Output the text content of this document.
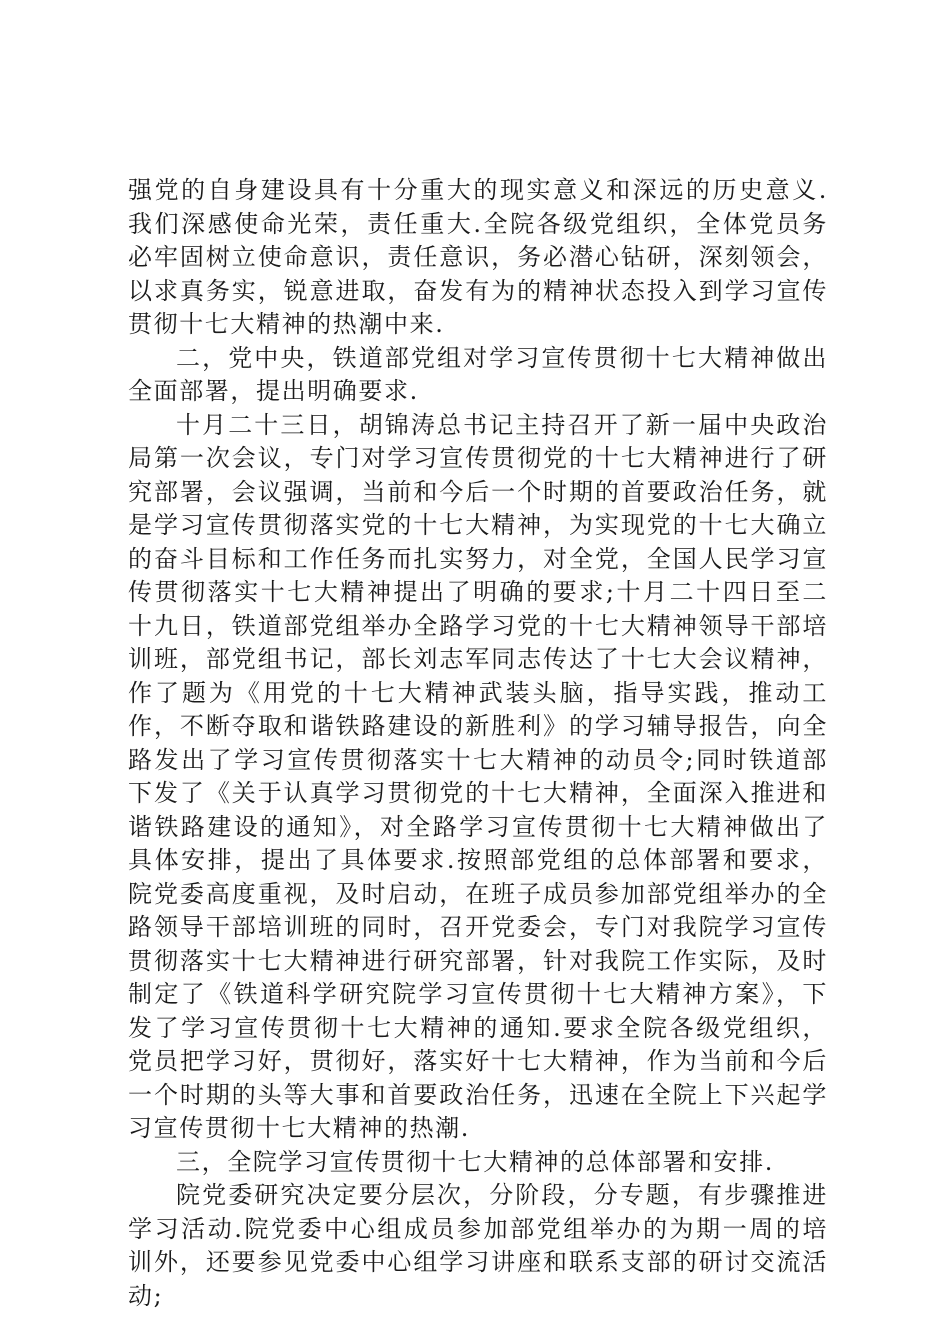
强党的自身建设具有十分重大的现实意义和深远的历史意义.我们深感使命光荣，责任重大.全院各级党组织，全体党员务必牢固树立使命意识，责任意识，务必潜心钻研，深刻领会，以求真务实，锐意进取，奋发有为的精神状态投入到学习宣传贯彻十七大精神的热潮中来.

二，党中央，铁道部党组对学习宣传贯彻十七大精神做出全面部署，提出明确要求.

十月二十三日，胡锦涛总书记主持召开了新一届中央政治局第一次会议，专门对学习宣传贯彻党的十七大精神进行了研究部署，会议强调，当前和今后一个时期的首要政治任务，就是学习宣传贯彻落实党的十七大精神，为实现党的十七大确立的奋斗目标和工作任务而扎实努力，对全党，全国人民学习宣传贯彻落实十七大精神提出了明确的要求;十月二十四日至二十九日，铁道部党组举办全路学习党的十七大精神领导干部培训班，部党组书记，部长刘志军同志传达了十七大会议精神，作了题为《用党的十七大精神武装头脑，指导实践，推动工作，不断夺取和谐铁路建设的新胜利》的学习辅导报告，向全路发出了学习宣传贯彻落实十七大精神的动员令;同时铁道部下发了《关于认真学习贯彻党的十七大精神，全面深入推进和谐铁路建设的通知》，对全路学习宣传贯彻十七大精神做出了具体安排，提出了具体要求.按照部党组的总体部署和要求，院党委高度重视，及时启动，在班子成员参加部党组举办的全路领导干部培训班的同时，召开党委会，专门对我院学习宣传贯彻落实十七大精神进行研究部署，针对我院工作实际，及时制定了《铁道科学研究院学习宣传贯彻十七大精神方案》，下发了学习宣传贯彻十七大精神的通知.要求全院各级党组织，党员把学习好，贯彻好，落实好十七大精神，作为当前和今后一个时期的头等大事和首要政治任务，迅速在全院上下兴起学习宣传贯彻十七大精神的热潮.

三，全院学习宣传贯彻十七大精神的总体部署和安排.

院党委研究决定要分层次，分阶段，分专题，有步骤推进学习活动.院党委中心组成员参加部党组举办的为期一周的培训外，还要参见党委中心组学习讲座和联系支部的研讨交流活动;
